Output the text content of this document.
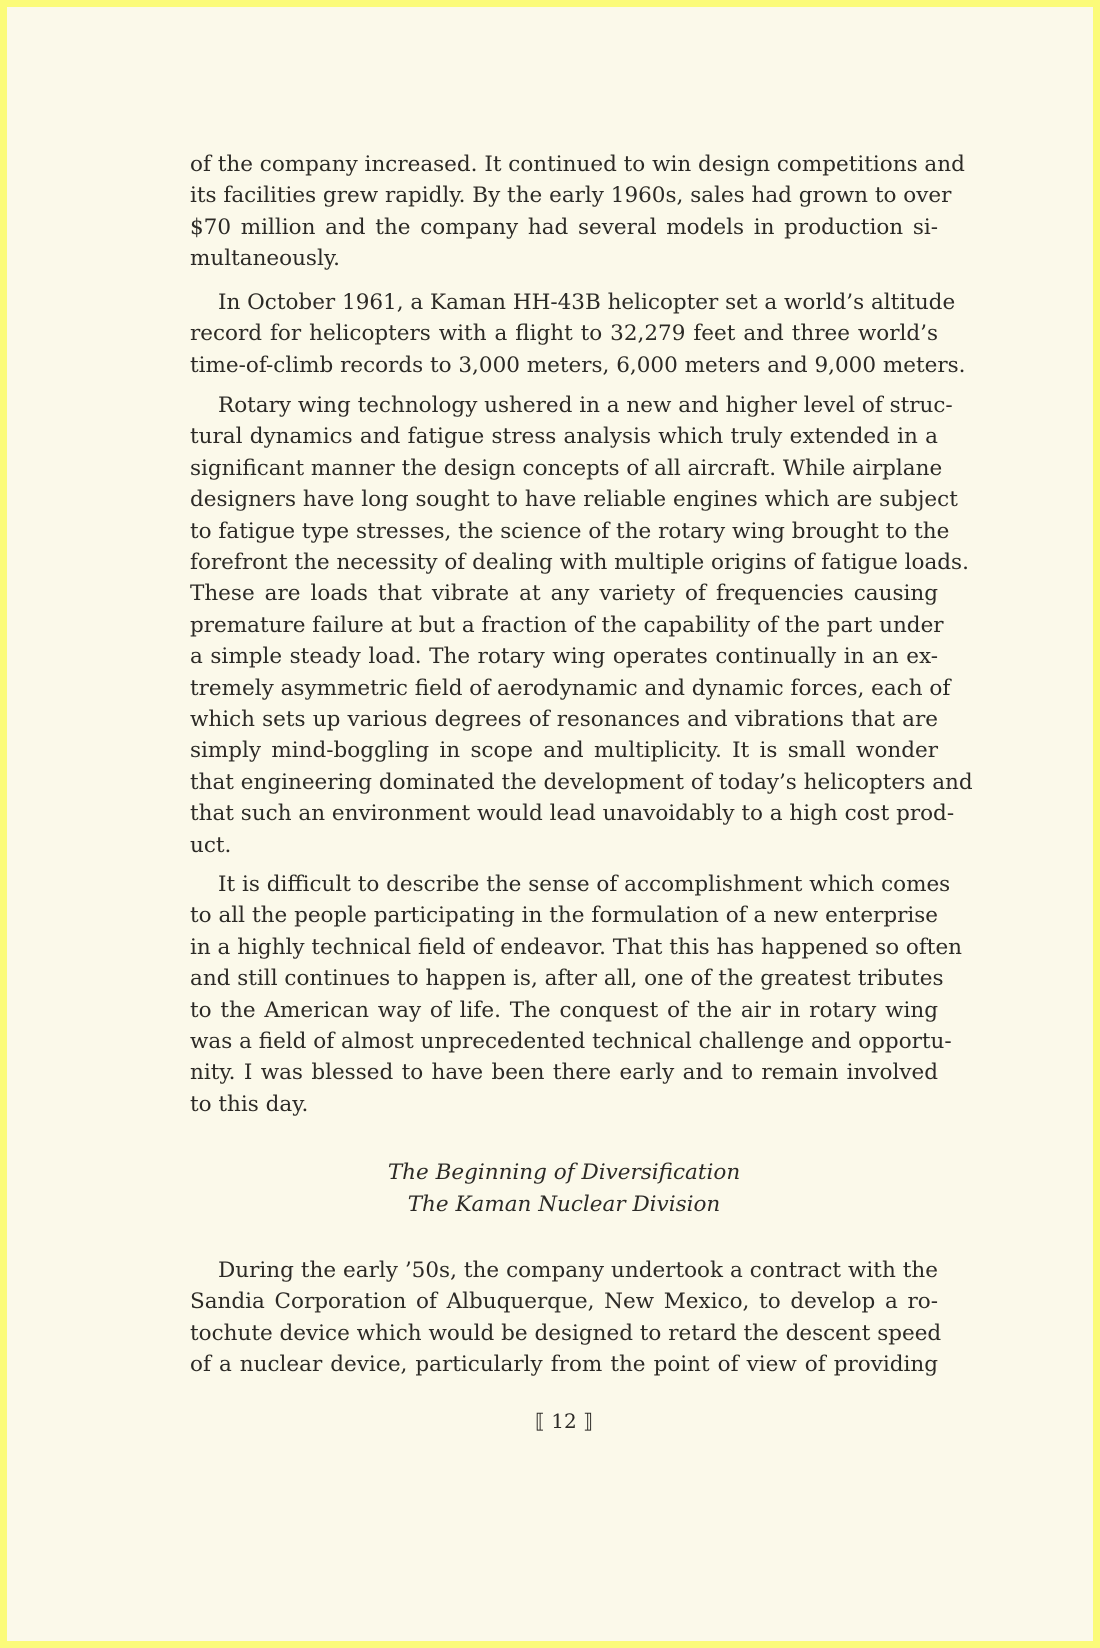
of the company increased. It continued to win design competitions and
its facilities grew rapidly. By the early 1960s, sales had grown to over
$70 million and the company had several models in production si-
multaneously.

In October 1961, a Kaman HH-43B helicopter set a world’s altitude
record for helicopters with a flight to 32,279 feet and three world’s
time-of-climb records to 3,000 meters, 6,000 meters and 9,000 meters.

Rotary wing technology ushered in a new and higher level of struc-
tural dynamics and fatigue stress analysis which truly extended in a
significant manner the design concepts of all aircraft. While airplane
designers have long sought to have reliable engines which are subject
to fatigue type stresses, the science of the rotary wing brought to the
forefront the necessity of dealing with multiple origins of fatigue loads.
These are loads that vibrate at any variety of frequencies causing
premature failure at but a fraction of the capability of the part under
a simple steady load. The rotary wing operates continually in an ex-
tremely asymmetric field of aerodynamic and dynamic forces, each of
which sets up various degrees of resonances and vibrations that are
simply mind-boggling in scope and multiplicity. It is small wonder
that engineering dominated the development of today’s helicopters and
that such an environment would lead unavoidably to a high cost prod-
uct.

It is difficult to describe the sense of accomplishment which comes
to all the people participating in the formulation of a new enterprise
in a highly technical field of endeavor. That this has happened so often
and still continues to happen is, after all, one of the greatest tributes
to the American way of life. The conquest of the air in rotary wing
was a field of almost unprecedented technical challenge and opportu-
nity. I was blessed to have been there early and to remain involved
to this day.

The Beginning of Diversification
The Kaman Nuclear Division

During the early ’50s, the company undertook a contract with the
Sandia Corporation of Albuquerque, New Mexico, to develop a ro-
tochute device which would be designed to retard the descent speed
of a nuclear device, particularly from the point of view of providing

⟦ 12 ⟧
